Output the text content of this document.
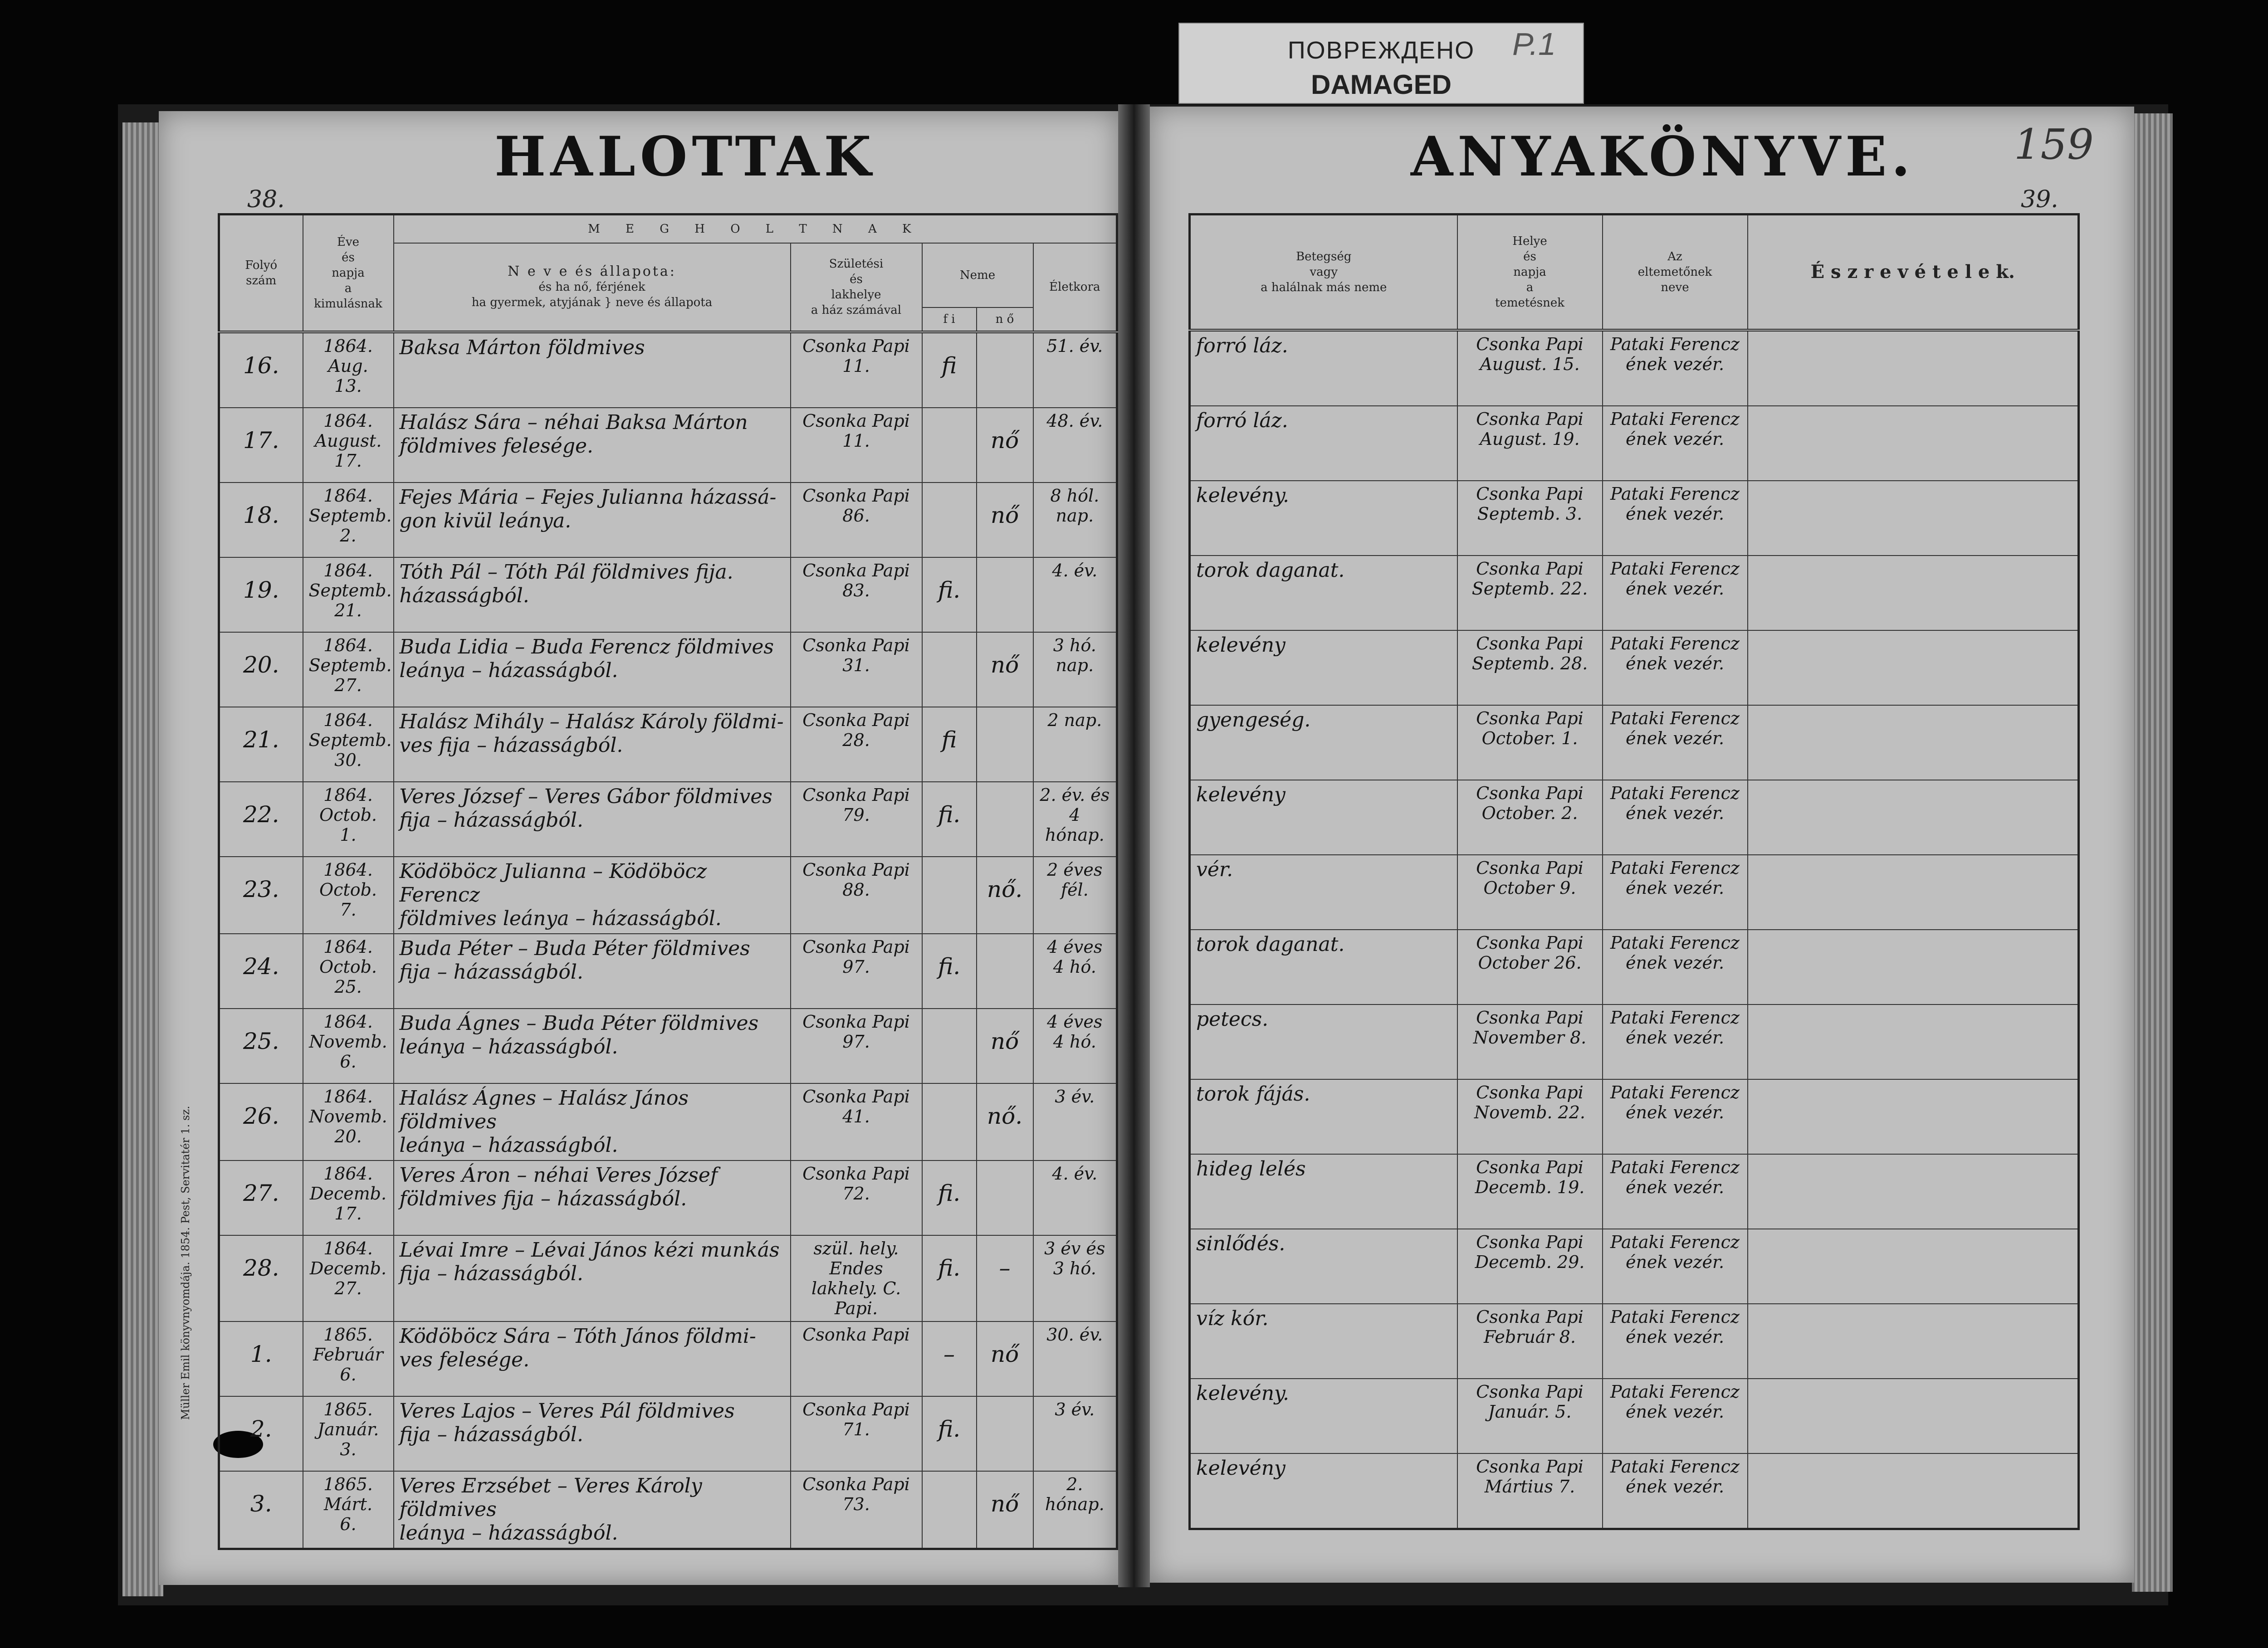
ПОВРЕЖДЕНО
DAMAGED
P.1
HALOTTAK	ANYAKÖNYVE.
38.	39.
159
Müller Emil könyvnyomdája. 1854. Pest, Servitatér 1. sz.
Folyó
szám	Éve
és
napja
a
kimulásnak	M E G H O L T N A K				

		N e v e és állapota:
és ha nő, férjének
ha gyermek, atyjának } neve és állapota	Születési
és
lakhelye
a ház számával	Neme		Életkora
				f i	n ő	

16.	1864.
Aug.
13.	Baksa Márton földmives	Csonka Papi
11.	fi		51. év.

17.	1864.
August.
17.	Halász Sára – néhai Baksa Márton
földmives felesége.	Csonka Papi
11.		nő	48. év.

18.	1864.
Septemb.
2.	Fejes Mária – Fejes Julianna házassá-
gon kivül leánya.	Csonka Papi
86.		nő	8 hól.
nap.

19.	1864.
Septemb.
21.	Tóth Pál – Tóth Pál földmives fija.
házasságból.	Csonka Papi
83.	fi.		4. év.

20.	1864.
Septemb.
27.	Buda Lidia – Buda Ferencz földmives
leánya – házasságból.	Csonka Papi
31.		nő	3 hó.
nap.

21.	1864.
Septemb.
30.	Halász Mihály – Halász Károly földmi-
ves fija – házasságból.	Csonka Papi
28.	fi		2 nap.

22.	1864.
Octob.
1.	Veres József – Veres Gábor földmives
fija – házasságból.	Csonka Papi
79.	fi.		2. év. és
4 hónap.

23.	1864.
Octob.
7.	Ködöböcz Julianna – Ködöböcz Ferencz
földmives leánya – házasságból.	Csonka Papi
88.		nő.	2 éves
fél.

24.	1864.
Octob.
25.	Buda Péter – Buda Péter földmives
fija – házasságból.	Csonka Papi
97.	fi.		4 éves
4 hó.

25.	1864.
Novemb.
6.	Buda Ágnes – Buda Péter földmives
leánya – házasságból.	Csonka Papi
97.		nő	4 éves
4 hó.

26.	1864.
Novemb.
20.	Halász Ágnes – Halász János földmives
leánya – házasságból.	Csonka Papi
41.		nő.	3 év.

27.	1864.
Decemb.
17.	Veres Áron – néhai Veres József
földmives fija – házasságból.	Csonka Papi
72.	fi.		4. év.

28.	1864.
Decemb.
27.	Lévai Imre – Lévai János kézi munkás
fija – házasságból.	szül. hely. Endes
lakhely. C. Papi.	fi.	–	3 év és
3 hó.

1.	1865.
Február
6.	Ködöböcz Sára – Tóth János földmi-
ves felesége.	Csonka Papi	–	nő	30. év.

2.	1865.
Január.
3.	Veres Lajos – Veres Pál földmives
fija – házasságból.	Csonka Papi
71.	fi.		3 év.

3.	1865.
Márt.
6.	Veres Erzsébet – Veres Károly földmives
leánya – házasságból.	Csonka Papi
73.		nő	2. hónap.
Betegség
vagy
a halálnak más neme	Helye
és
napja
a
temetésnek	Az
eltemetőnek
neve	É s z r e v é t e l e k.

forró láz.	Csonka Papi
August. 15.	Pataki Ferencz
ének vezér.	

forró láz.	Csonka Papi
August. 19.	Pataki Ferencz
ének vezér.	

kelevény.	Csonka Papi
Septemb. 3.	Pataki Ferencz
ének vezér.	

torok daganat.	Csonka Papi
Septemb. 22.	Pataki Ferencz
ének vezér.	

kelevény	Csonka Papi
Septemb. 28.	Pataki Ferencz
ének vezér.	

gyengeség.	Csonka Papi
October. 1.	Pataki Ferencz
ének vezér.	

kelevény	Csonka Papi
October. 2.	Pataki Ferencz
ének vezér.	

vér.	Csonka Papi
October 9.	Pataki Ferencz
ének vezér.	

torok daganat.	Csonka Papi
October 26.	Pataki Ferencz
ének vezér.	

petecs.	Csonka Papi
November 8.	Pataki Ferencz
ének vezér.	

torok fájás.	Csonka Papi
Novemb. 22.	Pataki Ferencz
ének vezér.	

hideg lelés	Csonka Papi
Decemb. 19.	Pataki Ferencz
ének vezér.	

sinlődés.	Csonka Papi
Decemb. 29.	Pataki Ferencz
ének vezér.	

víz kór.	Csonka Papi
Február 8.	Pataki Ferencz
ének vezér.	

kelevény.	Csonka Papi
Január. 5.	Pataki Ferencz
ének vezér.	

kelevény	Csonka Papi
Mártius 7.	Pataki Ferencz
ének vezér.	
